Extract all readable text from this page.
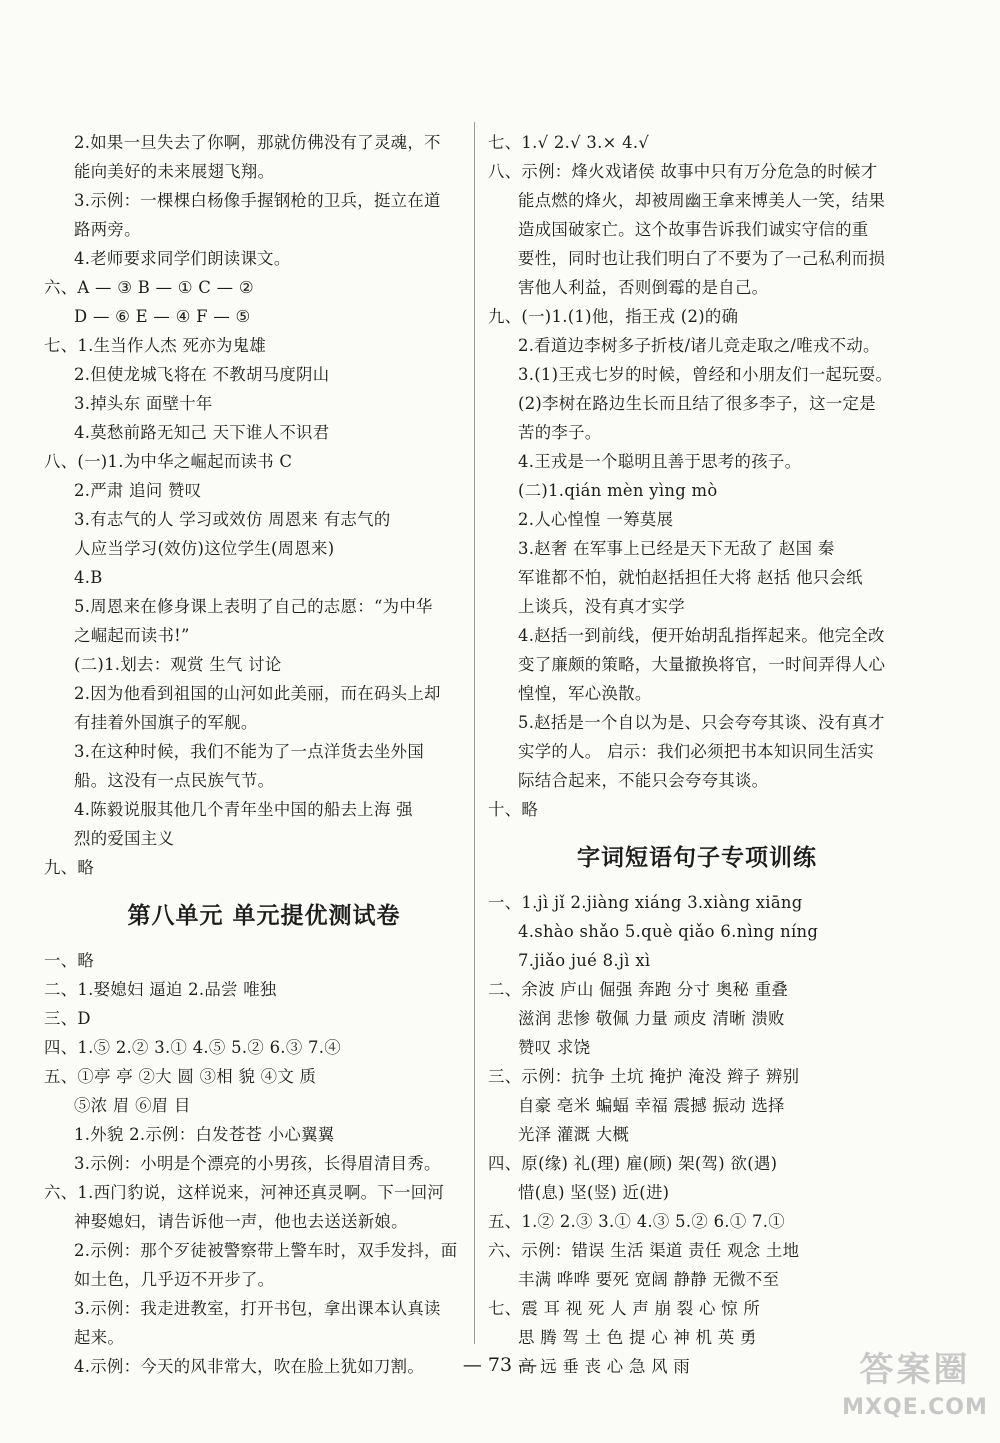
2.如果一旦失去了你啊，那就仿佛没有了灵魂，不
能向美好的未来展翅飞翔。
3.示例：一棵棵白杨像手握钢枪的卫兵，挺立在道
路两旁。
4.老师要求同学们朗读课文。
六、A — ③ B — ① C — ②
D — ⑥ E — ④ F — ⑤
七、1.生当作人杰 死亦为鬼雄
2.但使龙城飞将在 不教胡马度阴山
3.掉头东 面壁十年
4.莫愁前路无知己 天下谁人不识君
八、(一)1.为中华之崛起而读书 C
2.严肃 追问 赞叹
3.有志气的人 学习或效仿 周恩来 有志气的
人应当学习(效仿)这位学生(周恩来)
4.B
5.周恩来在修身课上表明了自己的志愿：“为中华
之崛起而读书!”
(二)1.划去：观赏 生气 讨论
2.因为他看到祖国的山河如此美丽，而在码头上却
有挂着外国旗子的军舰。
3.在这种时候，我们不能为了一点洋货去坐外国
船。这没有一点民族气节。
4.陈毅说服其他几个青年坐中国的船去上海 强
烈的爱国主义
九、略
第八单元 单元提优测试卷
一、略
二、1.娶媳妇 逼迫 2.品尝 唯独
三、D
四、1.⑤ 2.② 3.① 4.⑤ 5.② 6.③ 7.④
五、①亭 亭 ②大 圆 ③相 貌 ④文 质
⑤浓 眉 ⑥眉 目
1.外貌 2.示例：白发苍苍 小心翼翼
3.示例：小明是个漂亮的小男孩，长得眉清目秀。
六、1.西门豹说，这样说来，河神还真灵啊。下一回河
神娶媳妇，请告诉他一声，他也去送送新娘。
2.示例：那个歹徒被警察带上警车时，双手发抖，面
如土色，几乎迈不开步了。
3.示例：我走进教室，打开书包，拿出课本认真读
起来。
4.示例：今天的风非常大，吹在脸上犹如刀割。
七、1.√ 2.√ 3.× 4.√
八、示例：烽火戏诸侯 故事中只有万分危急的时候才
能点燃的烽火，却被周幽王拿来博美人一笑，结果
造成国破家亡。这个故事告诉我们诚实守信的重
要性，同时也让我们明白了不要为了一己私利而损
害他人利益，否则倒霉的是自己。
九、(一)1.(1)他，指王戎 (2)的确
2.看道边李树多子折枝/诸儿竞走取之/唯戎不动。
3.(1)王戎七岁的时候，曾经和小朋友们一起玩耍。
(2)李树在路边生长而且结了很多李子，这一定是
苦的李子。
4.王戎是一个聪明且善于思考的孩子。
(二)1.qián mèn yìng mò
2.人心惶惶 一筹莫展
3.赵奢 在军事上已经是天下无敌了 赵国 秦
军谁都不怕，就怕赵括担任大将 赵括 他只会纸
上谈兵，没有真才实学
4.赵括一到前线，便开始胡乱指挥起来。他完全改
变了廉颇的策略，大量撤换将官，一时间弄得人心
惶惶，军心涣散。
5.赵括是一个自以为是、只会夸夸其谈、没有真才
实学的人。 启示：我们必须把书本知识同生活实
际结合起来，不能只会夸夸其谈。
十、略
字词短语句子专项训练
一、1.jì jǐ 2.jiàng xiáng 3.xiàng xiāng
4.shào shǎo 5.què qiǎo 6.nìng níng
7.jiǎo jué 8.jì xì
二、余波 庐山 倔强 奔跑 分寸 奥秘 重叠
滋润 悲惨 敬佩 力量 顽皮 清晰 溃败
赞叹 求饶
三、示例：抗争 土坑 掩护 淹没 辫子 辨别
自豪 亳米 蝙蝠 幸福 震撼 振动 选择
光泽 灌溉 大概
四、原(缘) 礼(理) 雇(顾) 架(驾) 欲(遇)
惜(息) 坚(竖) 近(进)
五、1.② 2.③ 3.① 4.③ 5.② 6.① 7.①
六、示例：错误 生活 渠道 责任 观念 土地
丰满 哗哗 要死 宽阔 静静 无微不至
七、震 耳 视 死 人 声 崩 裂 心 惊 所
思 腾 驾 土 色 提 心 神 机 英 勇
高 远 垂 丧 心 急 风 雨
— 73 —	答案圈
MXQE.COM
